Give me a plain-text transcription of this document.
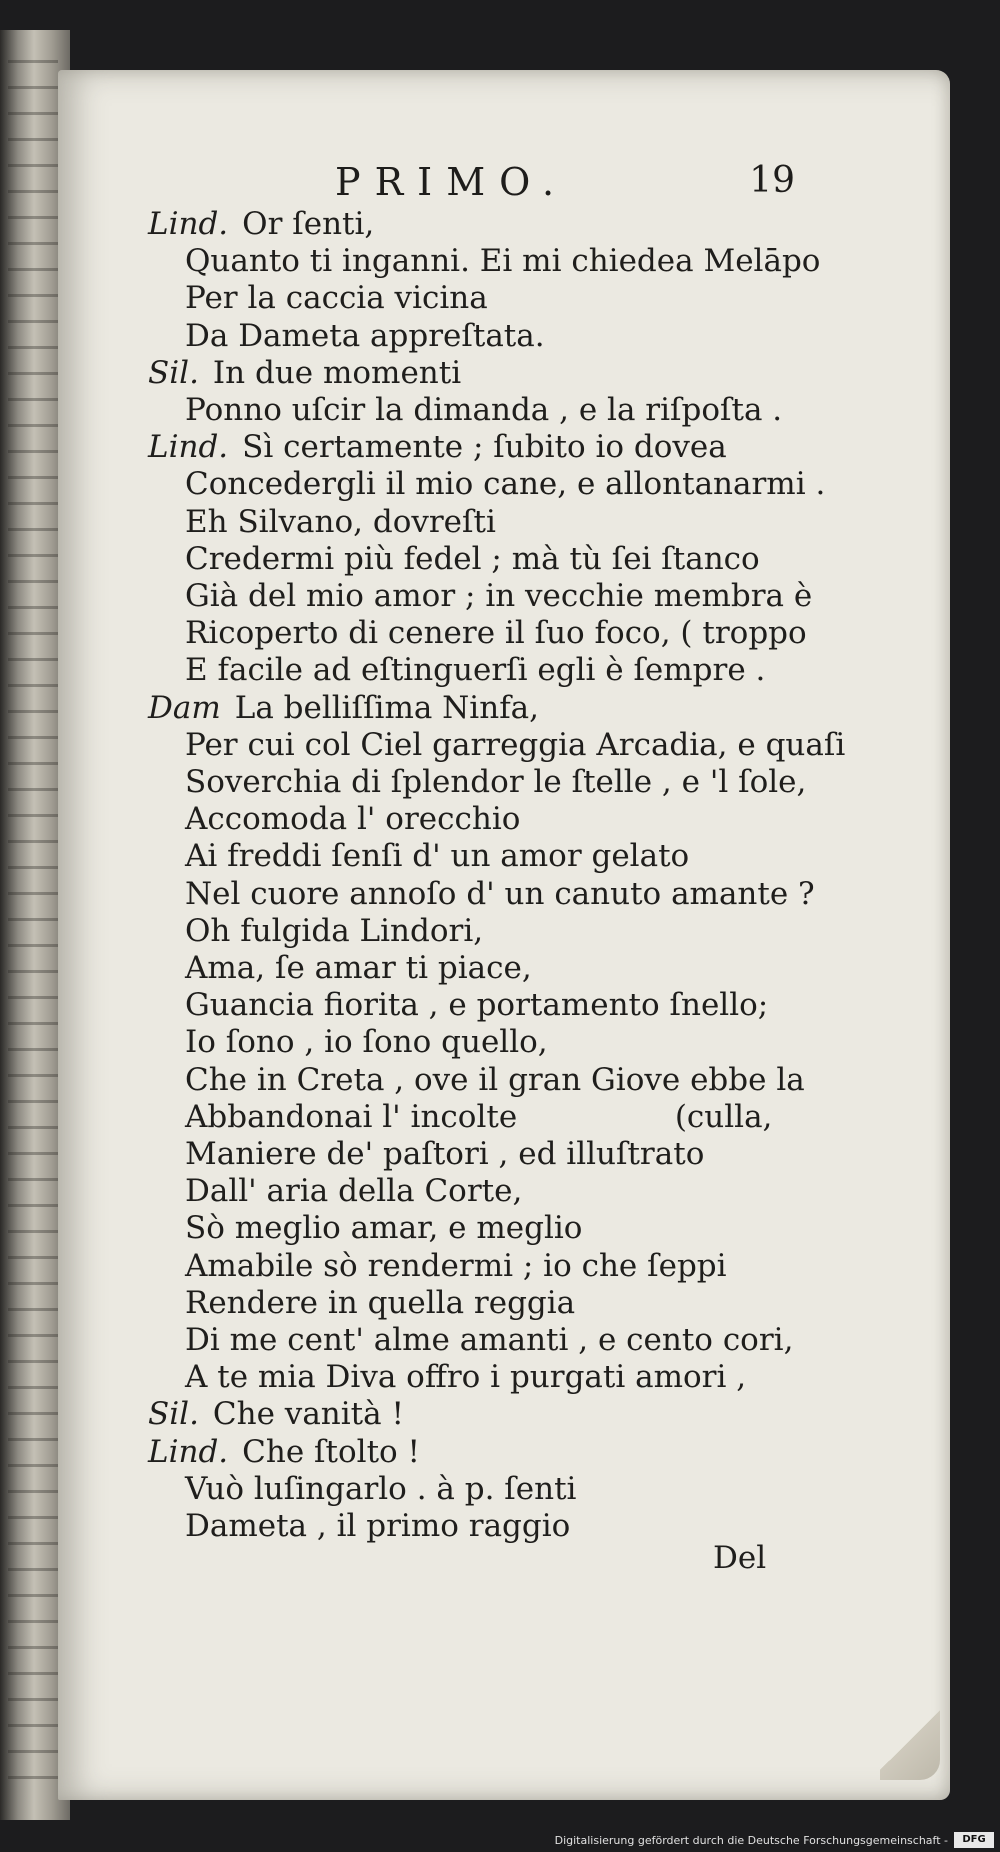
PRIMO.	19
Lind. Or ſenti,
Quanto ti inganni. Ei mi chiedea Melāpo
Per la caccia vicina
Da Dameta appreſtata.
Sil. In due momenti
Ponno uſcir la dimanda , e la riſpoſta .
Lind. Sì certamente ; ſubito io dovea
Concedergli il mio cane, e allontanarmi .
Eh Silvano, dovreſti
Credermi più fedel ; mà tù ſei ſtanco
Già del mio amor ; in vecchie membra è
Ricoperto di cenere il ſuo foco, ( troppo
E facile ad eſtinguerſi egli è ſempre .
Dam La belliſſima Ninfa,
Per cui col Ciel garreggia Arcadia, e quaſi
Soverchia di ſplendor le ſtelle , e 'l ſole,
Accomoda l' orecchio
Ai freddi ſenſi d' un amor gelato
Nel cuore annoſo d' un canuto amante ?
Oh fulgida Lindori,
Ama, ſe amar ti piace,
Guancia fiorita , e portamento ſnello;
Io ſono , io ſono quello,
Che in Creta , ove il gran Giove ebbe la
Abbandonai l' incolte                (culla,
Maniere de' paſtori , ed illuſtrato
Dall' aria della Corte,
Sò meglio amar, e meglio
Amabile sò rendermi ; io che ſeppi
Rendere in quella reggia
Di me cent' alme amanti , e cento cori,
A te mia Diva offro i purgati amori ,
Sil. Che vanità !
Lind. Che ſtolto !
Vuò luſingarlo . à p. ſenti
Dameta , il primo raggio
Del
Digitalisierung gefördert durch die Deutsche Forschungsgemeinschaft -	DFG
